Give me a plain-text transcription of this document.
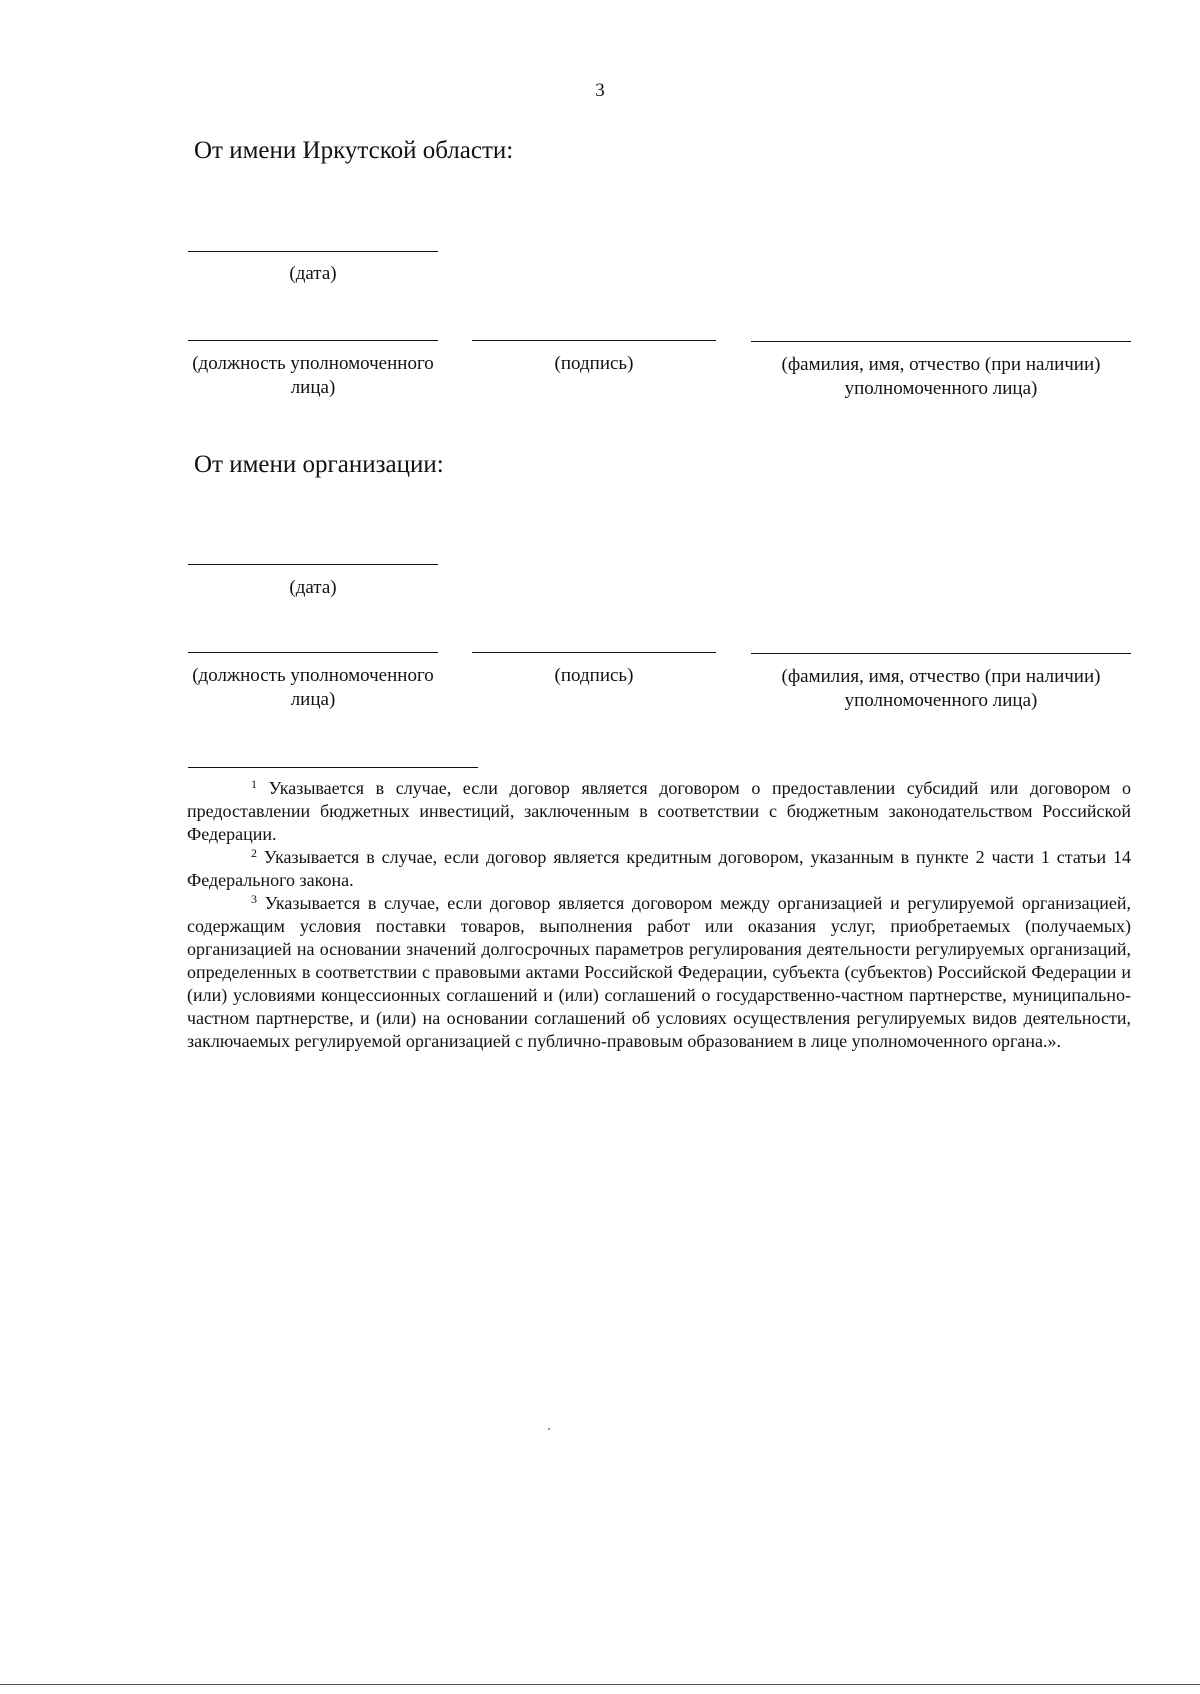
3
От имени Иркутской области:
(дата)
(должность уполномоченного лица)
(подпись)	(фамилия, имя, отчество (при наличии) уполномоченного лица)
От имени организации:
(дата)
(должность уполномоченного лица)
(подпись)	(фамилия, имя, отчество (при наличии) уполномоченного лица)

$^1$ Указывается в случае, если договор является договором о предоставлении субсидий или договором о предоставлении бюджетных инвестиций, заключенным в соответствии с бюджетным законодательством Российской Федерации.

$^2$ Указывается в случае, если договор является кредитным договором, указанным в пункте 2 части 1 статьи 14 Федерального закона.

$^3$ Указывается в случае, если договор является договором между организацией и регулируемой организацией, содержащим условия поставки товаров, выполнения работ или оказания услуг, приобретаемых (получаемых) организацией на основании значений долгосрочных параметров регулирования деятельности регулируемых организаций, определенных в соответствии с правовыми актами Российской Федерации, субъекта (субъектов) Российской Федерации и (или) условиями концессионных соглашений и (или) соглашений о государственно-частном партнерстве, муниципально-частном партнерстве, и (или) на основании соглашений об условиях осуществления регулируемых видов деятельности, заключаемых регулируемой организацией с публично-правовым образованием в лице уполномоченного органа.».
